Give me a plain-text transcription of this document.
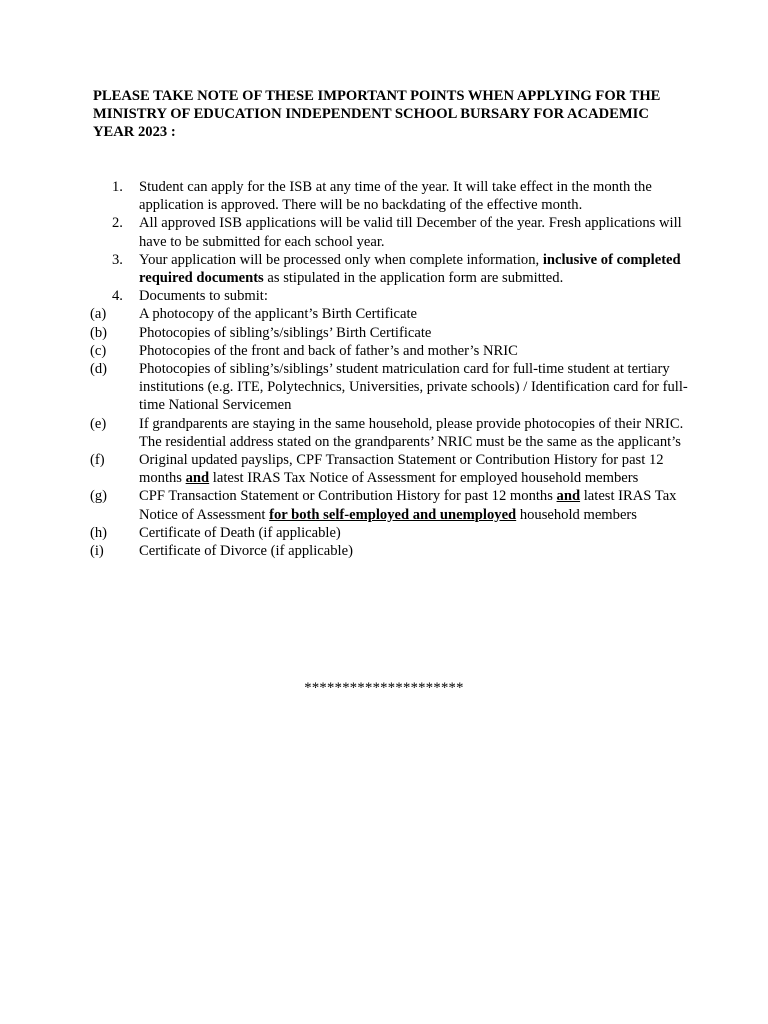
PLEASE TAKE NOTE OF THESE IMPORTANT POINTS WHEN APPLYING FOR THE MINISTRY OF EDUCATION INDEPENDENT SCHOOL BURSARY FOR ACADEMIC YEAR 2023 :

1.	Student can apply for the ISB at any time of the year. It will take effect in the month the application is approved. There will be no backdating of the effective month.
2.	All approved ISB applications will be valid till December of the year. Fresh applications will have to be submitted for each school year.
3.	Your application will be processed only when complete information, inclusive of completed required documents as stipulated in the application form are submitted.
4.	Documents to submit:
(a)	A photocopy of the applicant’s Birth Certificate
(b)	Photocopies of sibling’s/siblings’ Birth Certificate
(c)	Photocopies of the front and back of father’s and mother’s NRIC
(d)	Photocopies of sibling’s/siblings’ student matriculation card for full-time student at tertiary institutions (e.g. ITE, Polytechnics, Universities, private schools) / Identification card for full-time National Servicemen
(e)	If grandparents are staying in the same household, please provide photocopies of their NRIC. The residential address stated on the grandparents’ NRIC must be the same as the applicant’s
(f)	Original updated payslips, CPF Transaction Statement or Contribution History for past 12 months and latest IRAS Tax Notice of Assessment for employed household members
(g)	CPF Transaction Statement or Contribution History for past 12 months and latest IRAS Tax Notice of Assessment for both self-employed and unemployed household members
(h)	Certificate of Death (if applicable)
(i)	Certificate of Divorce (if applicable)
*********************
